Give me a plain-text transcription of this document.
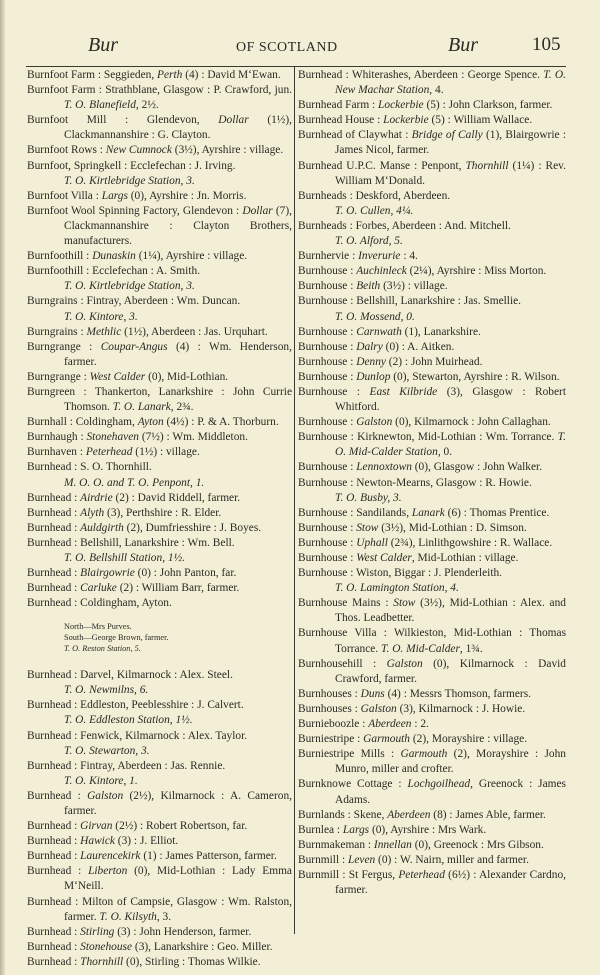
Bur	OF SCOTLAND	Bur	105
Burnfoot Farm : Seggieden, Perth (4) : David M‘Ewan.
Burnfoot Farm : Strathblane, Glasgow : P. Crawford, jun. T. O. Blanefield, 2½.
Burnfoot Mill : Glendevon, Dollar (1½), Clackmannanshire : G. Clayton.
Burnfoot Rows : New Cumnock (3½), Ayrshire : village.
Burnfoot, Springkell : Ecclefechan : J. Irving.
T. O. Kirtlebridge Station, 3.
Burnfoot Villa : Largs (0), Ayrshire : Jn. Morris.
Burnfoot Wool Spinning Factory, Glendevon : Dollar (7), Clackmannanshire : Clayton Brothers, manufacturers.
Burnfoothill : Dunaskin (1¼), Ayrshire : village.
Burnfoothill : Ecclefechan : A. Smith.
T. O. Kirtlebridge Station, 3.
Burngrains : Fintray, Aberdeen : Wm. Duncan.
T. O. Kintore, 3.
Burngrains : Methlic (1½), Aberdeen : Jas. Urquhart.
Burngrange : Coupar-Angus (4) : Wm. Henderson, farmer.
Burngrange : West Calder (0), Mid-Lothian.
Burngreen : Thankerton, Lanarkshire : John Currie Thomson. T. O. Lanark, 2¾.
Burnhall : Coldingham, Ayton (4½) : P. & A. Thorburn.
Burnhaugh : Stonehaven (7½) : Wm. Middleton.
Burnhaven : Peterhead (1½) : village.
Burnhead : S. O. Thornhill.
M. O. O. and T. O. Penpont, 1.
Burnhead : Airdrie (2) : David Riddell, farmer.
Burnhead : Alyth (3), Perthshire : R. Elder.
Burnhead : Auldgirth (2), Dumfriesshire : J. Boyes.
Burnhead : Bellshill, Lanarkshire : Wm. Bell.
T. O. Bellshill Station, 1½.
Burnhead : Blairgowrie (0) : John Panton, far.
Burnhead : Carluke (2) : William Barr, farmer.
Burnhead : Coldingham, Ayton.
North—Mrs Purves.
South—George Brown, farmer.
T. O. Reston Station, 5.
Burnhead : Darvel, Kilmarnock : Alex. Steel.
T. O. Newmilns, 6.
Burnhead : Eddleston, Peeblesshire : J. Calvert.
T. O. Eddleston Station, 1½.
Burnhead : Fenwick, Kilmarnock : Alex. Taylor.
T. O. Stewarton, 3.
Burnhead : Fintray, Aberdeen : Jas. Rennie.
T. O. Kintore, 1.
Burnhead : Galston (2½), Kilmarnock : A. Cameron, farmer.
Burnhead : Girvan (2½) : Robert Robertson, far.
Burnhead : Hawick (3) : J. Elliot.
Burnhead : Laurencekirk (1) : James Patterson, farmer.
Burnhead : Liberton (0), Mid-Lothian : Lady Emma M‘Neill.
Burnhead : Milton of Campsie, Glasgow : Wm. Ralston, farmer. T. O. Kilsyth, 3.
Burnhead : Stirling (3) : John Henderson, farmer.
Burnhead : Stonehouse (3), Lanarkshire : Geo. Miller.
Burnhead : Thornhill (0), Stirling : Thomas Wilkie.
Burnhead : Whiterashes, Aberdeen : George Spence. T. O. New Machar Station, 4.
Burnhead Farm : Lockerbie (5) : John Clarkson, farmer.
Burnhead House : Lockerbie (5) : William Wallace.
Burnhead of Claywhat : Bridge of Cally (1), Blairgowrie : James Nicol, farmer.
Burnhead U.P.C. Manse : Penpont, Thornhill (1¼) : Rev. William M‘Donald.
Burnheads : Deskford, Aberdeen.
T. O. Cullen, 4¼.
Burnheads : Forbes, Aberdeen : And. Mitchell.
T. O. Alford, 5.
Burnhervie : Inverurie : 4.
Burnhouse : Auchinleck (2¼), Ayrshire : Miss Morton.
Burnhouse : Beith (3½) : village.
Burnhouse : Bellshill, Lanarkshire : Jas. Smellie.
T. O. Mossend, 0.
Burnhouse : Carnwath (1), Lanarkshire.
Burnhouse : Dalry (0) : A. Aitken.
Burnhouse : Denny (2) : John Muirhead.
Burnhouse : Dunlop (0), Stewarton, Ayrshire : R. Wilson.
Burnhouse : East Kilbride (3), Glasgow : Robert Whitford.
Burnhouse : Galston (0), Kilmarnock : John Callaghan.
Burnhouse : Kirknewton, Mid-Lothian : Wm. Torrance. T. O. Mid-Calder Station, 0.
Burnhouse : Lennoxtown (0), Glasgow : John Walker.
Burnhouse : Newton-Mearns, Glasgow : R. Howie.
T. O. Busby, 3.
Burnhouse : Sandilands, Lanark (6) : Thomas Prentice.
Burnhouse : Stow (3½), Mid-Lothian : D. Simson.
Burnhouse : Uphall (2¾), Linlithgowshire : R. Wallace.
Burnhouse : West Calder, Mid-Lothian : village.
Burnhouse : Wiston, Biggar : J. Plenderleith.
T. O. Lamington Station, 4.
Burnhouse Mains : Stow (3½), Mid-Lothian : Alex. and Thos. Leadbetter.
Burnhouse Villa : Wilkieston, Mid-Lothian : Thomas Torrance. T. O. Mid-Calder, 1¾.
Burnhousehill : Galston (0), Kilmarnock : David Crawford, farmer.
Burnhouses : Duns (4) : Messrs Thomson, farmers.
Burnhouses : Galston (3), Kilmarnock : J. Howie.
Burnieboozle : Aberdeen : 2.
Burniestripe : Garmouth (2), Morayshire : village.
Burniestripe Mills : Garmouth (2), Morayshire : John Munro, miller and crofter.
Burnknowe Cottage : Lochgoilhead, Greenock : James Adams.
Burnlands : Skene, Aberdeen (8) : James Able, farmer.
Burnlea : Largs (0), Ayrshire : Mrs Wark.
Burnmakeman : Innellan (0), Greenock : Mrs Gibson.
Burnmill : Leven (0) : W. Nairn, miller and farmer.
Burnmill : St Fergus, Peterhead (6½) : Alexander Cardno, farmer.
